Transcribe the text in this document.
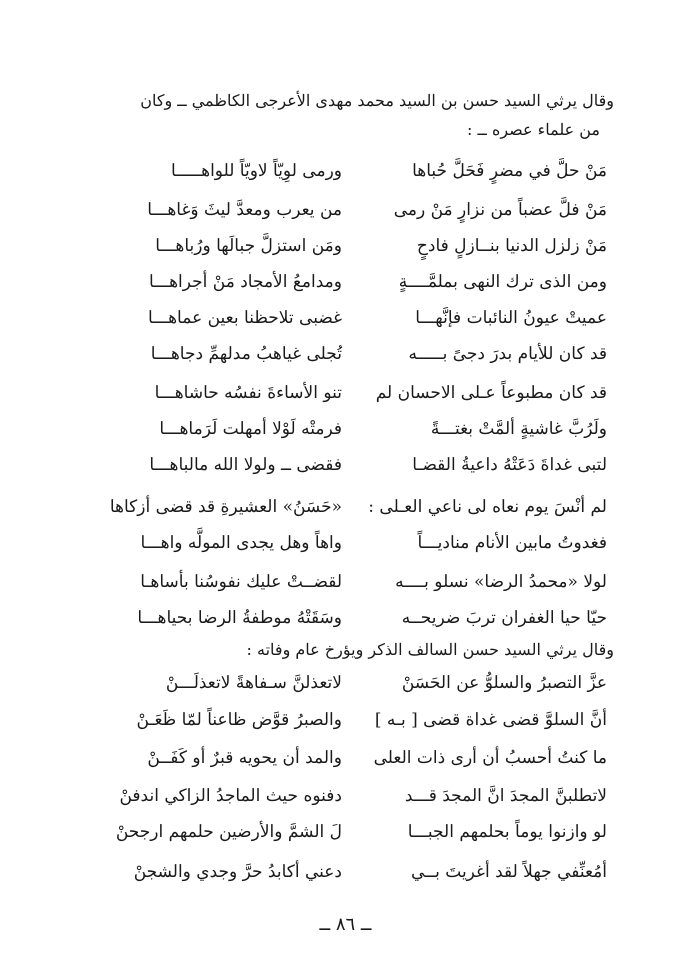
وقال يرثي السيد حسن بن السيد محمد مهدى الأعرجى الكاظمي ــ وكان
من علماء عصره ــ :
مَنْ حلَّ في مضرٍ فَحَلَّ حُباها
ورمى لوِيّاً لاويّاً للواهـــــا
مَنْ فلَّ عضباً من نزارٍ مَنْ رمى
من يعرب ومعدَّ ليثَ وَغاهـــا
مَنْ زلزل الدنيا بنــازلٍ فادحٍ
ومَن استزلَّ جبالَها ورُباهـــا
ومن الذى ترك النهى بملمَّــــةٍ
ومدامعُ الأمجاد مَنْ أجراهـــا
عميتْ عيونُ النائبات فإنَّهـــا
غضبى تلاحظنا بعين عماهـــا
قد كان للأيام بدرَ دجىً بـــــه
تُجلى غياهبُ مدلهمِّ دجاهـــا
قد كان مطبوعاً عـلى الاحسان لم
تنو الأساءةَ نفسُه حاشاهـــا
ولَرُبَّ غاشيةٍ ألمَّتْ بغتـــةً
فرمتْه لَوْلا أمهلت لَرَماهـــا
لتبى غداةَ دَعَتْهُ داعيةُ القضـا
فقضى ــ ولولا الله مالباهـــا
لم أنْسَ يوم نعاه لى ناعي العـلى :
«حَسَنُ» العشيرةِ قد قضى أزكاها
فغدوتُ مابين الأنام مناديـــاً
واهاً وهل يجدى المولَّه واهـــا
لولا «محمدُ الرضا» نسلو بــــه
لقضــتْ عليك نفوسُنا بأساهـا
حيّا حيا الغفران تربَ ضريحــه
وسَقَتْهُ موطفةُ الرضا بحياهـــا
وقال يرثي السيد حسن السالف الذكر ويؤرخ عام وفاته :
عزَّ التصبرُ والسلوُّ عن الحَسَنْ
لاتعذلنَّ سـفاهةً لاتعذلَـــنْ
أنَّ السلوَّ قضى غداة قضى [ بـه ]
والصبرُ قوَّض ظاعناً لمّا ظَعَـنْ
ما كنتُ أحسبُ أن أرى ذات العلى
والمد أن يحويه قبرٌ أو كَفَــنْ
لاتطلبنَّ المجدَ انَّ المجدَ قـــد
دفنوه حيث الماجدُ الزاكي اندفنْ
لو وازنوا يوماً بحلمهم الجبـــا
لَ الشمَّ والأرضين حلمهم ارجحنْ
أمُعنِّفي جهلاً لقد أغريتَ بــي
دعني أكابدُ حرَّ وجدي والشجنْ
ــ ٨٦ ــ
